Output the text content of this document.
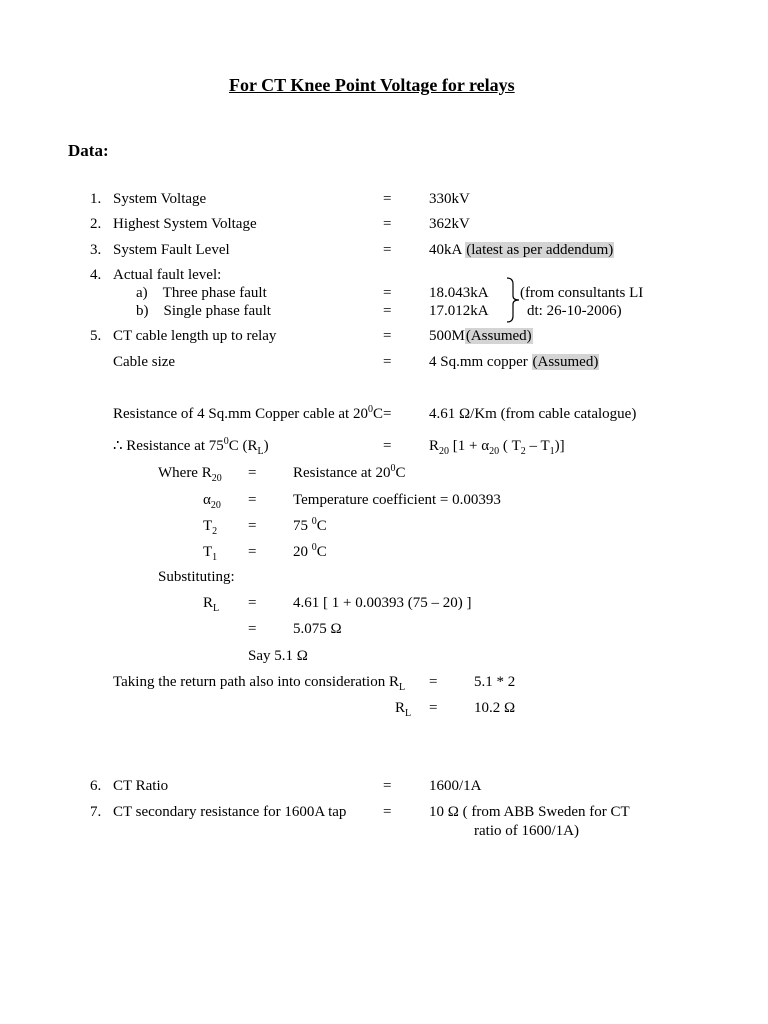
For CT Knee Point Voltage for relays
Data:
1. System Voltage	=	330kV
2. Highest System Voltage	=	362kV
3. System Fault Level	=	40kA (latest as per addendum)
4. Actual fault level:
a) Three phase fault	=	18.043kA
b) Single phase fault	=	17.012kA
(from consultants LI
dt: 26-10-2006)
5. CT cable length up to relay	=	500M(Assumed)
Cable size	=	4 Sq.mm copper (Assumed)
Resistance of 4 Sq.mm Copper cable at $20^0C=$	4.61 Ω/Km (from cable catalogue)
∴ Resistance at $75^0C$ $(R_L)$	=	$R_{20}$ [$1 + \alpha_{20}$ ( $T_2 - T_1$)]
Where $R_{20}$ = Resistance at $20^0C$
$\alpha_{20}$ = Temperature coefficient = 0.00393
$T_2 = 75$ $^0$C
$T_1 = 20$ $^0$C
Substituting:
$R_L = 4.61$ [ 1 + 0.00393 (75 – 20) ]
= 5.075 Ω
Say 5.1 Ω
Taking the return path also into consideration $R_L = 5.1 * 2$
$R_L = 10.2$ Ω
6. CT Ratio	=	1600/1A
7. CT secondary resistance for 1600A tap =	10 Ω ( from ABB Sweden for CT
ratio of 1600/1A)
